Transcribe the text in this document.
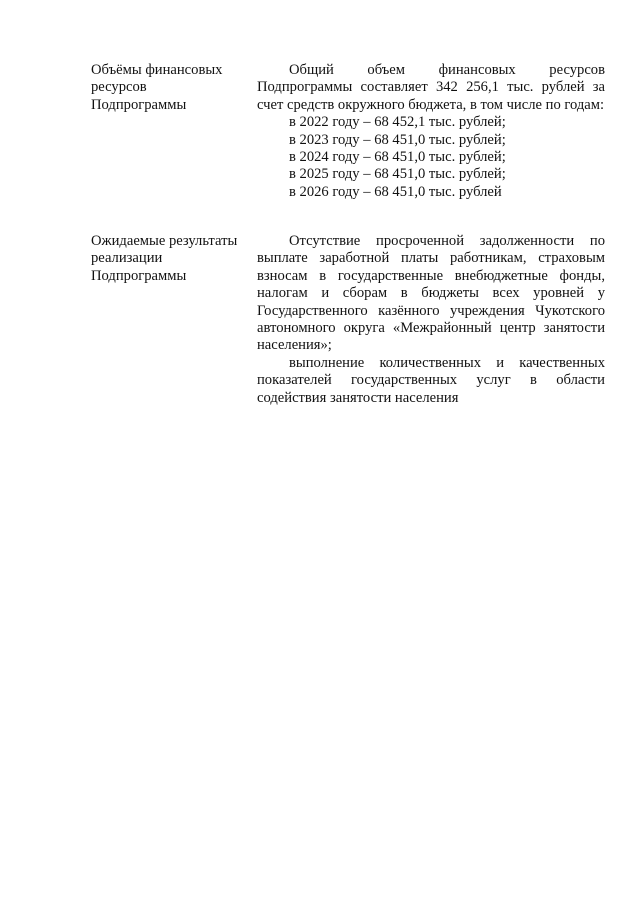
Объёмы финансовых
ресурсов
Подпрограммы

Общий объем финансовых ресурсов Подпрограммы составляет 342 256,1 тыс. рублей за счет средств окружного бюджета, в том числе по годам:

в 2022 году – 68 452,1 тыс. рублей;
в 2023 году – 68 451,0 тыс. рублей;
в 2024 году – 68 451,0 тыс. рублей;
в 2025 году – 68 451,0 тыс. рублей;
в 2026 году – 68 451,0 тыс. рублей
Ожидаемые результаты
реализации
Подпрограммы

Отсутствие просроченной задолженности по выплате заработной платы работникам, страховым взносам в государственные внебюджетные фонды, налогам и сборам в бюджеты всех уровней у Государственного казённого учреждения Чукотского автономного округа «Межрайонный центр занятости населения»;

выполнение количественных и качественных показателей государственных услуг в области содействия занятости населения
